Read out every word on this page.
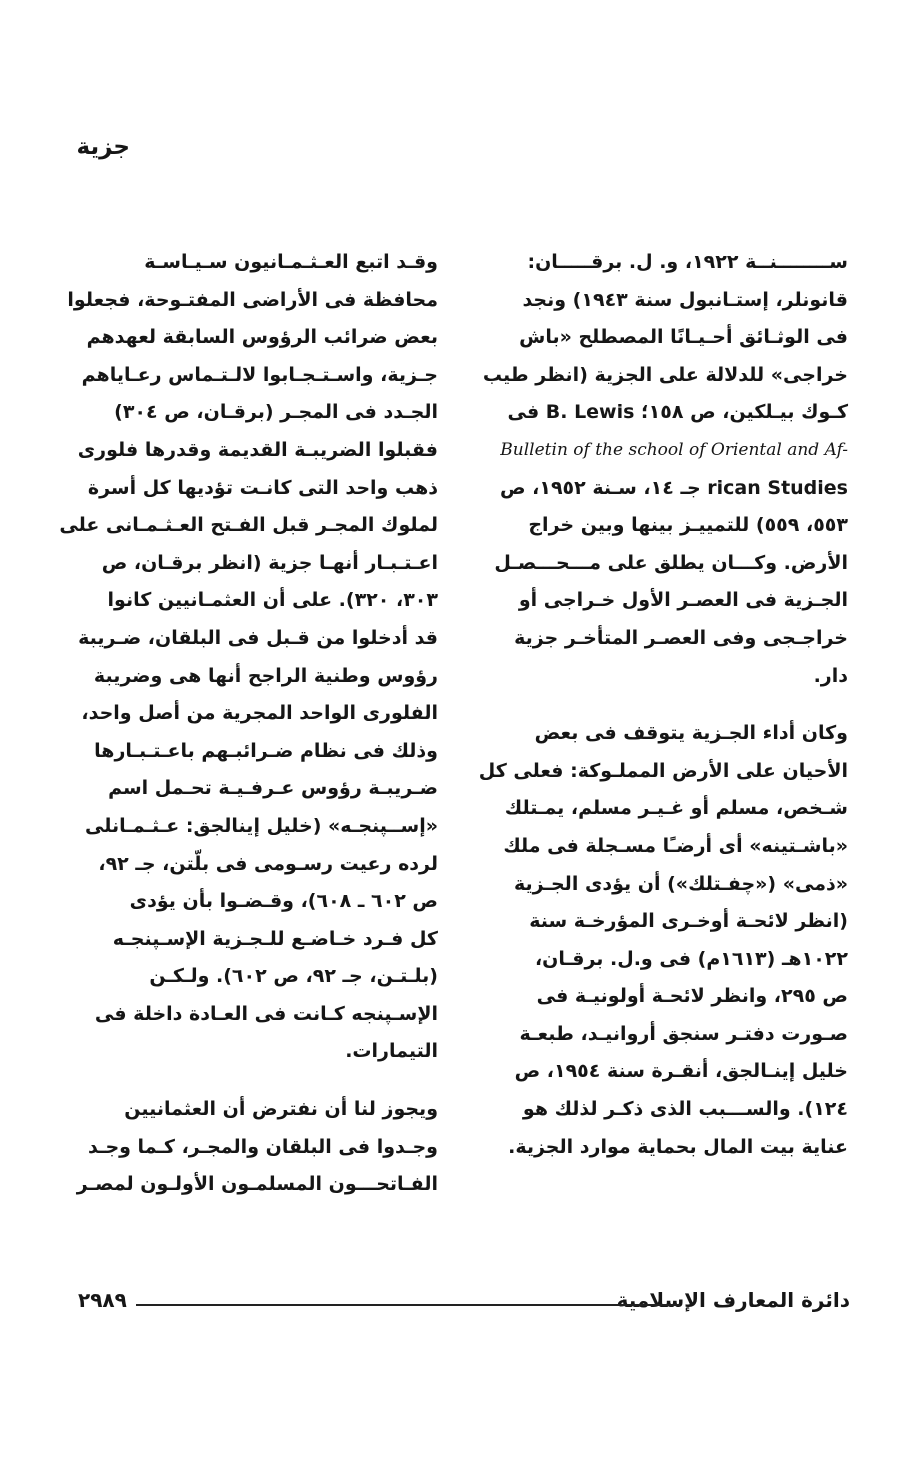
جزية
ســــــــنــة ١٩٢٢، و. ل. برقـــــان:
قانونلر، إستـانبول سنة ١٩٤٣) ونجد
فى الوثـائق أحـيـانًا المصطلح «باش
خراجى» للدلالة على الجزية (انظر طيب
كـوك بيـلكين، ص ١٥٨؛ B. Lewis فى
Bulletin of the school of Oriental and Af-
rican Studies جـ ١٤، سـنة ١٩٥٢، ص
٥٥٣، ٥٥٩) للتمييـز بينها وبين خراج
الأرض. وكـــان يطلق على مـــحـــصـل
الجـزية فى العصـر الأول خـراجى أو
خراجـجى وفى العصـر المتأخـر جزية
دار.
وكان أداء الجـزية يتوقف فى بعض
الأحيان على الأرض المملـوكة: فعلى كل
شـخص، مسلم أو غـيـر مسلم، يمـتلك
«باشـتينه» أى أرضـًا مسـجلة فى ملك
«ذمى» («چفـتلك») أن يؤدى الجـزية
(انظر لائحـة أوخـرى المؤرخـة سنة
١٠٢٢هـ (١٦١٣م) فى و.ل. برقـان،
ص ٢٩٥، وانظر لائحـة أولونيـة فى
صـورت دفتـر سنجق أروانيـد، طبعـة
خليل إينـالجق، أنقـرة سنة ١٩٥٤، ص
١٢٤). والســـبب الذى ذكـر لذلك هو
عناية بيت المال بحماية موارد الجزية.
وقـد اتبع العـثـمـانيون سـيـاسـة
محافظة فى الأراضى المفتـوحة، فجعلوا
بعض ضرائب الرؤوس السابقة لعهدهم
جـزية، واسـتـجـابوا لالـتـماس رعـاياهم
الجـدد فى المجـر (برقـان، ص ٣٠٤)
فقبلوا الضريبـة القديمة وقدرها فلورى
ذهب واحد التى كانـت تؤديها كل أسرة
لملوك المجـر قبل الفـتح العـثـمـانى على
اعـتـبـار أنهـا جزية (انظر برقـان، ص
٣٠٣، ٣٢٠). على أن العثمـانيين كانوا
قد أدخلوا من قـبل فى البلقان، ضـريبة
رؤوس وطنية الراجح أنها هى وضريبة
الفلورى الواحد المجرية من أصل واحد،
وذلك فى نظام ضـرائبـهم باعـتـبـارها
ضـريبـة رؤوس عـرفـيـة تحـمل اسم
«إســپنجـه» (خليل إينالجق: عـثـمـانلى
لرده رعيت رسـومى فى بلّتن، جـ ٩٢،
ص ٦٠٢ ـ ٦٠٨)، وقـضـوا بأن يؤدى
كل فـرد خـاضـع للـجـزية الإسـپنجـه
(بلـتـن، جـ ٩٢، ص ٦٠٢). ولـكـن
الإسـپنجه كـانت فى العـادة داخلة فى
التيمارات.
ويجوز لنا أن نفترض أن العثمانيين
وجـدوا فى البلقان والمجـر، كـما وجـد
الفـاتحـــون المسلمـون الأولـون لمصـر
دائرة المعارف الإسلامية
٢٩٨٩
